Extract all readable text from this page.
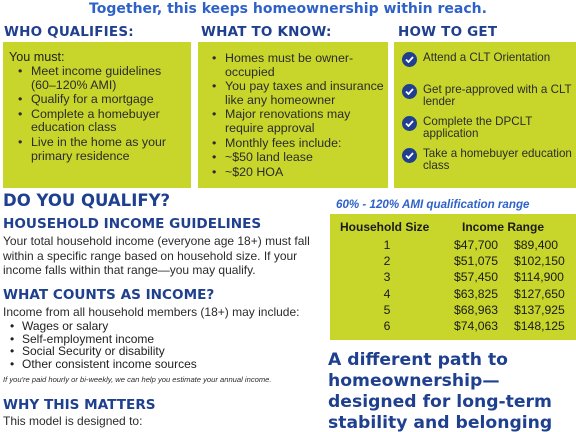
Together, this keeps homeownership within reach.
WHO QUALIFIES:
You must:
• Meet income guidelines (60–120% AMI)
• Qualify for a mortgage
• Complete a homebuyer education class
• Live in the home as your primary residence
WHAT TO KNOW:
• Homes must be owner-occupied
• You pay taxes and insurance like any homeowner
• Major renovations may require approval
• Monthly fees include:
• ~$50 land lease
• ~$20 HOA
HOW TO GET
Attend a CLT Orientation
Get pre-approved with a CLT lender
Complete the DPCLT application
Take a homebuyer education class
DO YOU QUALIFY?
HOUSEHOLD INCOME GUIDELINES
Your total household income (everyone age 18+) must fall within a specific range based on household size. If your income falls within that range—you may qualify.
WHAT COUNTS AS INCOME?
Income from all household members (18+) may include:
• Wages or salary
• Self-employment income
• Social Security or disability
• Other consistent income sources
If you're paid hourly or bi-weekly, we can help you estimate your annual income.
WHY THIS MATTERS
This model is designed to:
60% - 120% AMI qualification range
Household Size	Income Range
1	$47,700 $89,400
2	$51,075 $102,150
3	$57,450 $114,900
4	$63,825 $127,650
5	$68,963 $137,925
6	$74,063 $148,125
A different path to homeownership—designed for long-term stability and belonging
